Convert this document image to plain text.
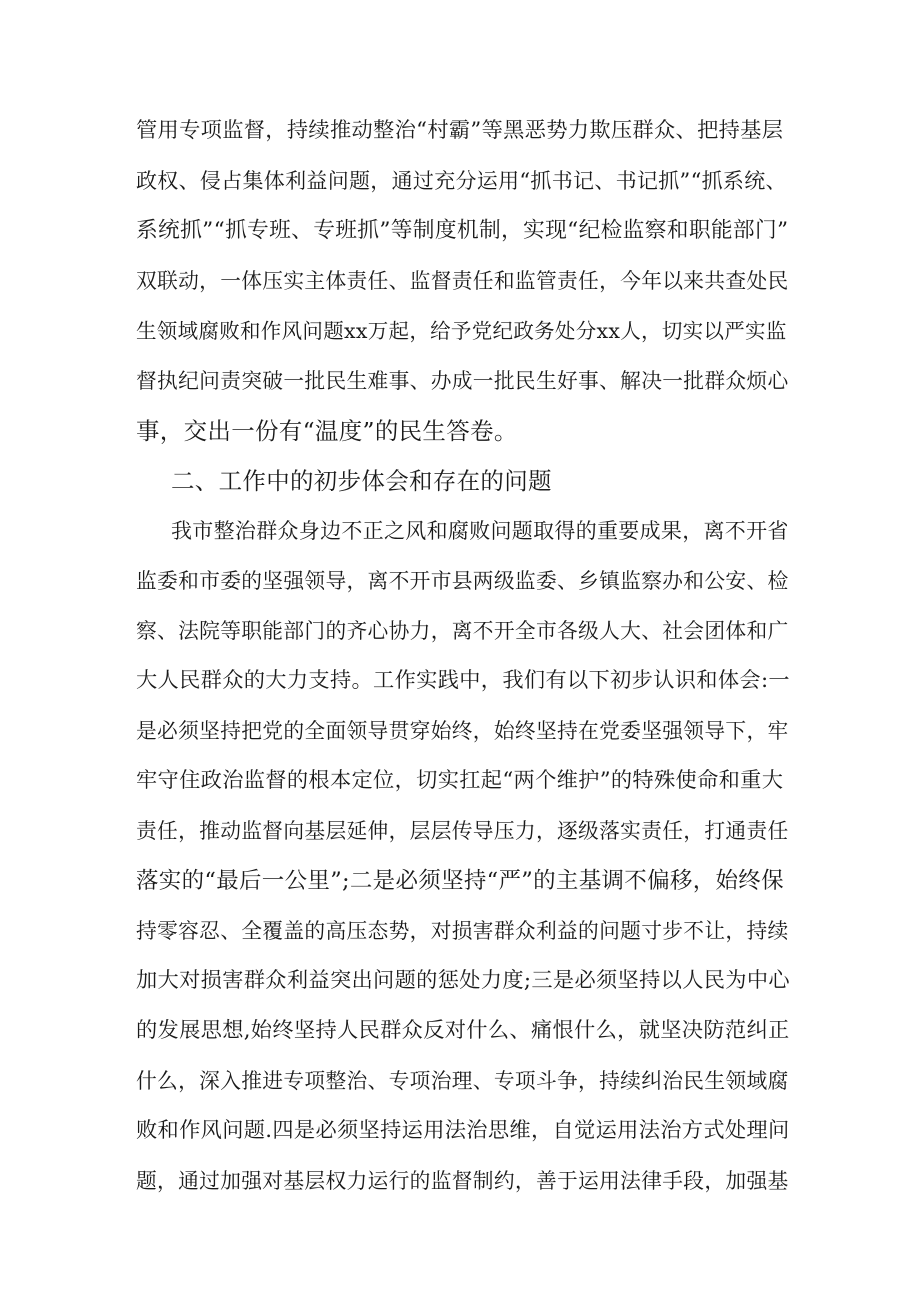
管用专项监督，持续推动整治“村霸”等黑恶势力欺压群众、把持基层
政权、侵占集体利益问题，通过充分运用“抓书记、书记抓”“抓系统、
系统抓”“抓专班、专班抓”等制度机制，实现“纪检监察和职能部门”
双联动，一体压实主体责任、监督责任和监管责任，今年以来共查处民
生领域腐败和作风问题xx万起，给予党纪政务处分xx人，切实以严实监
督执纪问责突破一批民生难事、办成一批民生好事、解决一批群众烦心
事，交出一份有“温度”的民生答卷。
二、工作中的初步体会和存在的问题
我市整治群众身边不正之风和腐败问题取得的重要成果，离不开省
监委和市委的坚强领导，离不开市县两级监委、乡镇监察办和公安、检
察、法院等职能部门的齐心协力，离不开全市各级人大、社会团体和广
大人民群众的大力支持。工作实践中，我们有以下初步认识和体会:一
是必须坚持把党的全面领导贯穿始终，始终坚持在党委坚强领导下，牢
牢守住政治监督的根本定位，切实扛起“两个维护”的特殊使命和重大
责任，推动监督向基层延伸，层层传导压力，逐级落实责任，打通责任
落实的“最后一公里”;二是必须坚持“严”的主基调不偏移，始终保
持零容忍、全覆盖的高压态势，对损害群众利益的问题寸步不让，持续
加大对损害群众利益突出问题的惩处力度;三是必须坚持以人民为中心
的发展思想,始终坚持人民群众反对什么、痛恨什么，就坚决防范纠正
什么，深入推进专项整治、专项治理、专项斗争，持续纠治民生领域腐
败和作风问题.四是必须坚持运用法治思维，自觉运用法治方式处理问
题，通过加强对基层权力运行的监督制约，善于运用法律手段，加强基
